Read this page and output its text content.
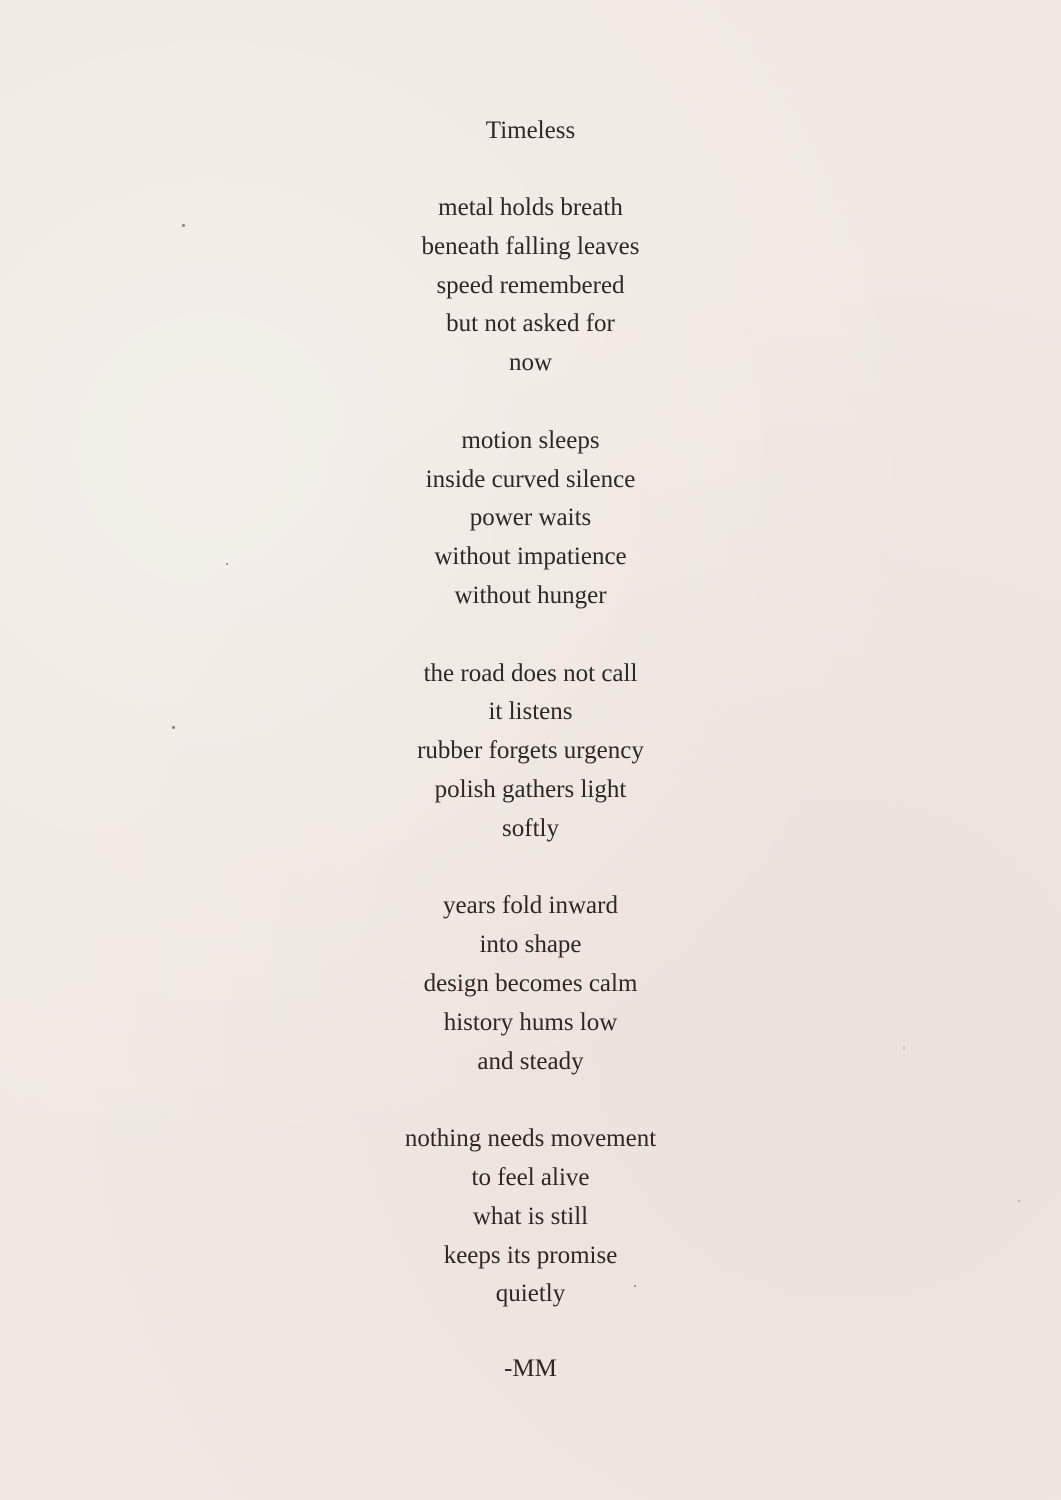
Timeless
metal holds breath
beneath falling leaves
speed remembered
but not asked for
now
motion sleeps
inside curved silence
power waits
without impatience
without hunger
the road does not call
it listens
rubber forgets urgency
polish gathers light
softly
years fold inward
into shape
design becomes calm
history hums low
and steady
nothing needs movement
to feel alive
what is still
keeps its promise
quietly
-MM
